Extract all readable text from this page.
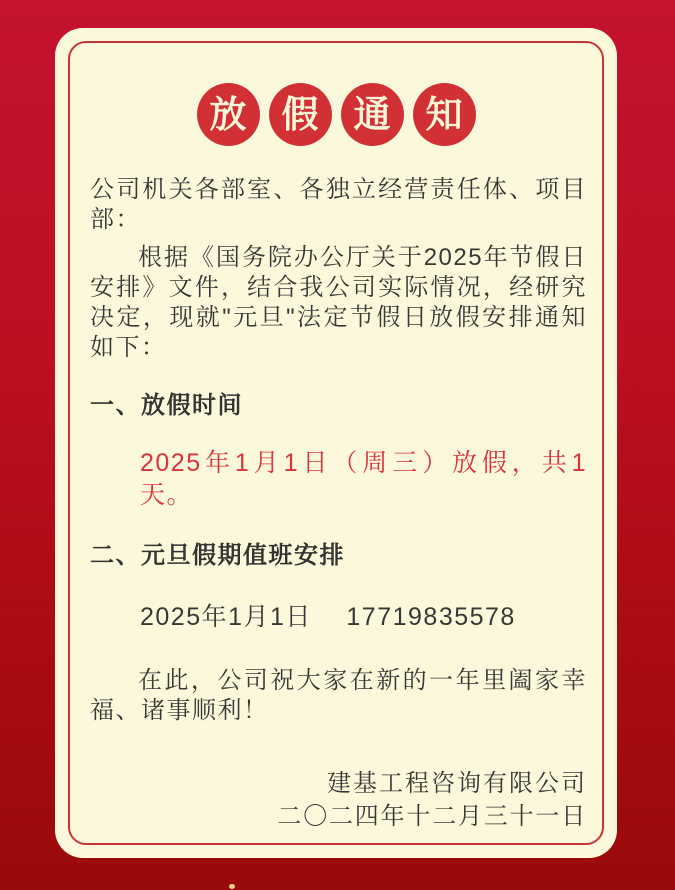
放 假 通 知

公司机关各部室、各独立经营责任体、项目部：

根据《国务院办公厅关于2025年节假日安排》文件，结合我公司实际情况，经研究决定，现就"元旦"法定节假日放假安排通知如下：

一、放假时间

2025年1月1日（周三）放假，共1天。

二、元旦假期值班安排

2025年1月1日 17719835578

在此，公司祝大家在新的一年里阖家幸福、诸事顺利！

建基工程咨询有限公司
二〇二四年十二月三十一日
